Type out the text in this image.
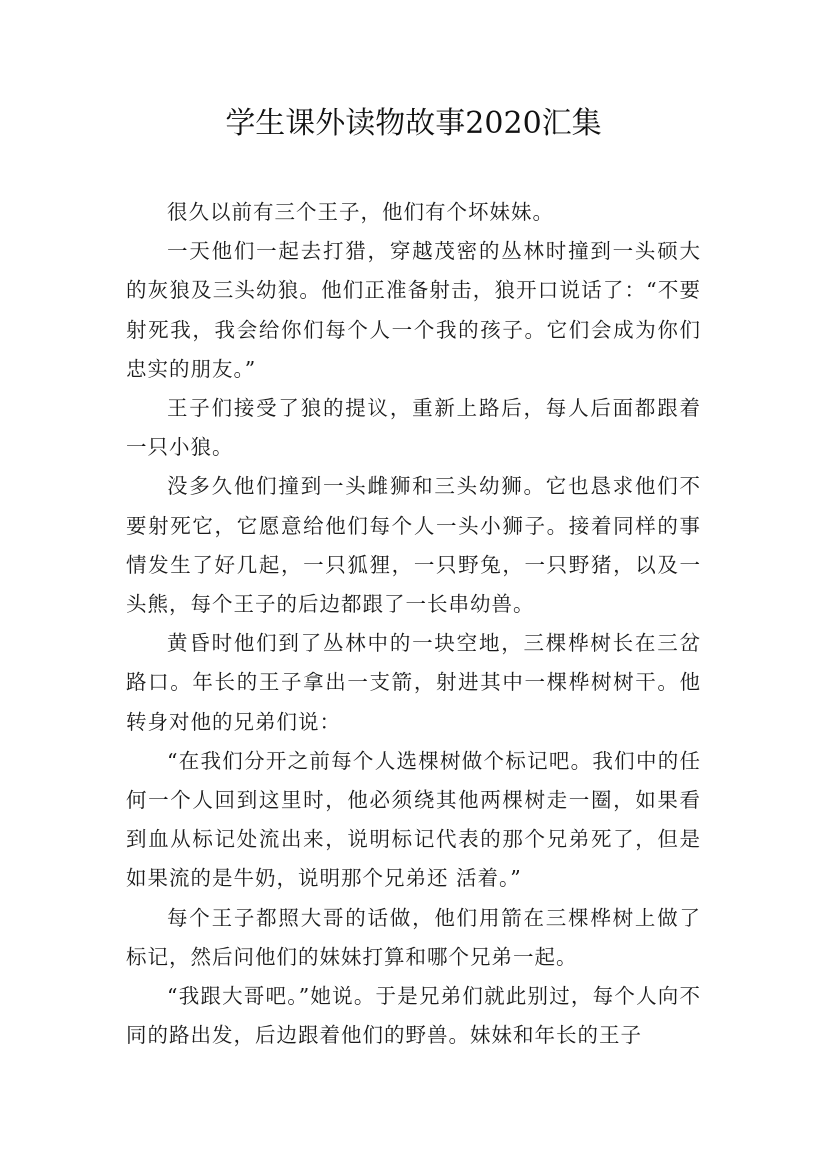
学生课外读物故事2020汇集

很久以前有三个王子，他们有个坏妹妹。

一天他们一起去打猎，穿越茂密的丛林时撞到一头硕大的灰狼及三头幼狼。他们正准备射击，狼开口说话了：“不要射死我，我会给你们每个人一个我的孩子。它们会成为你们忠实的朋友。”

王子们接受了狼的提议，重新上路后，每人后面都跟着一只小狼。

没多久他们撞到一头雌狮和三头幼狮。它也恳求他们不要射死它，它愿意给他们每个人一头小狮子。接着同样的事情发生了好几起，一只狐狸，一只野兔，一只野猪，以及一头熊，每个王子的后边都跟了一长串幼兽。

黄昏时他们到了丛林中的一块空地，三棵桦树长在三岔路口。年长的王子拿出一支箭，射进其中一棵桦树树干。他转身对他的兄弟们说：

“在我们分开之前每个人选棵树做个标记吧。我们中的任何一个人回到这里时，他必须绕其他两棵树走一圈，如果看到血从标记处流出来，说明标记代表的那个兄弟死了，但是如果流的是牛奶，说明那个兄弟还 活着。”

每个王子都照大哥的话做，他们用箭在三棵桦树上做了标记，然后问他们的妹妹打算和哪个兄弟一起。

“我跟大哥吧。”她说。于是兄弟们就此别过，每个人向不同的路出发，后边跟着他们的野兽。妹妹和年长的王子
